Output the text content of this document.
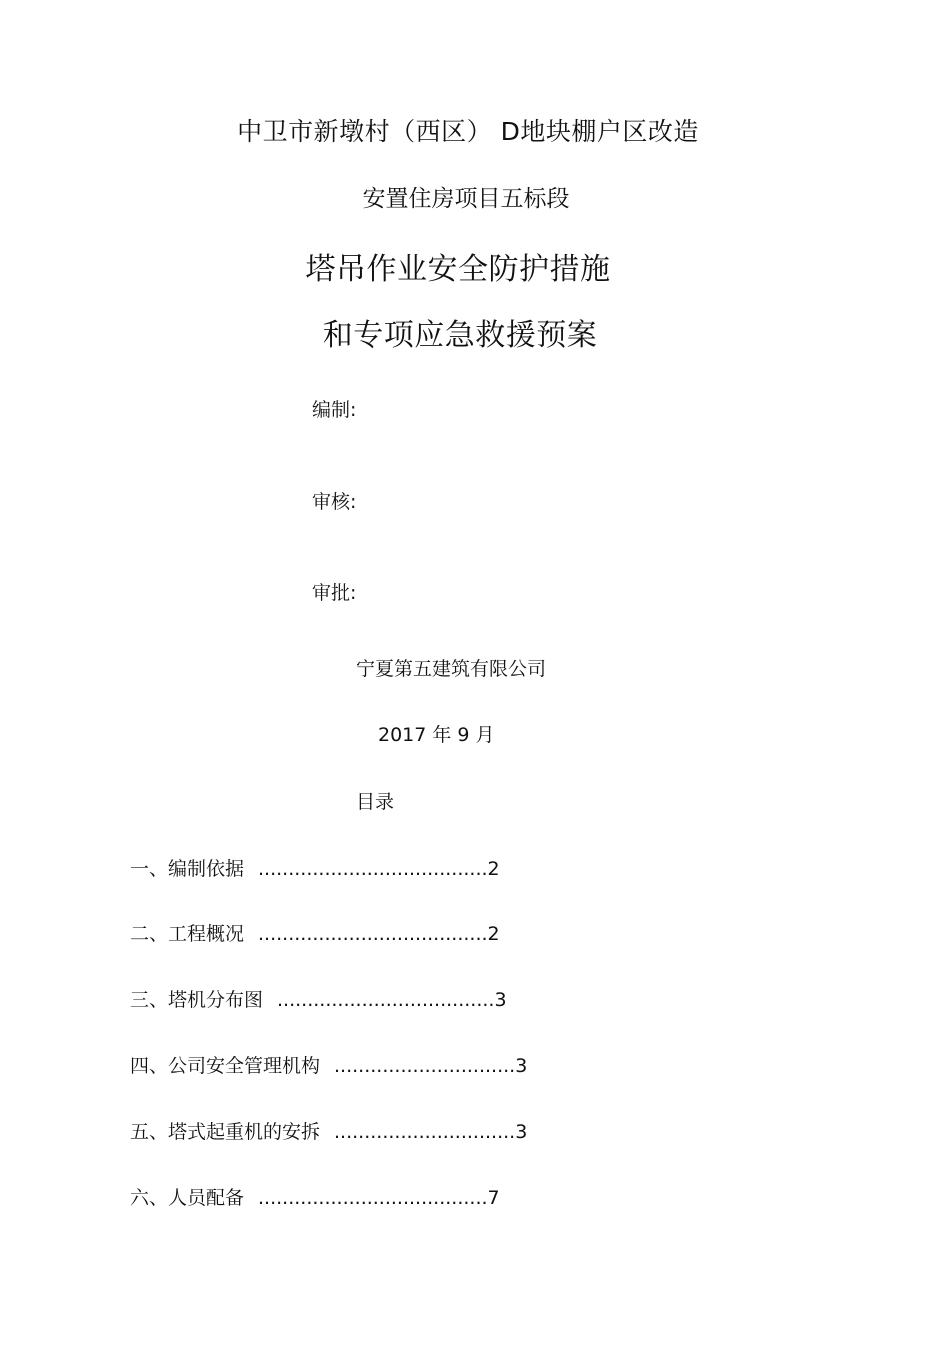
中卫市新墩村（西区） D地块棚户区改造
安置住房项目五标段
塔吊作业安全防护措施
和专项应急救援预案
编制:
审核:
审批:
宁夏第五建筑有限公司
2017 年 9 月
目录
一、编制依据 ......................................2
二、工程概况 ......................................2
三、塔机分布图 ....................................3
四、公司安全管理机构 ..............................3
五、塔式起重机的安拆 ..............................3
六、人员配备 ......................................7
